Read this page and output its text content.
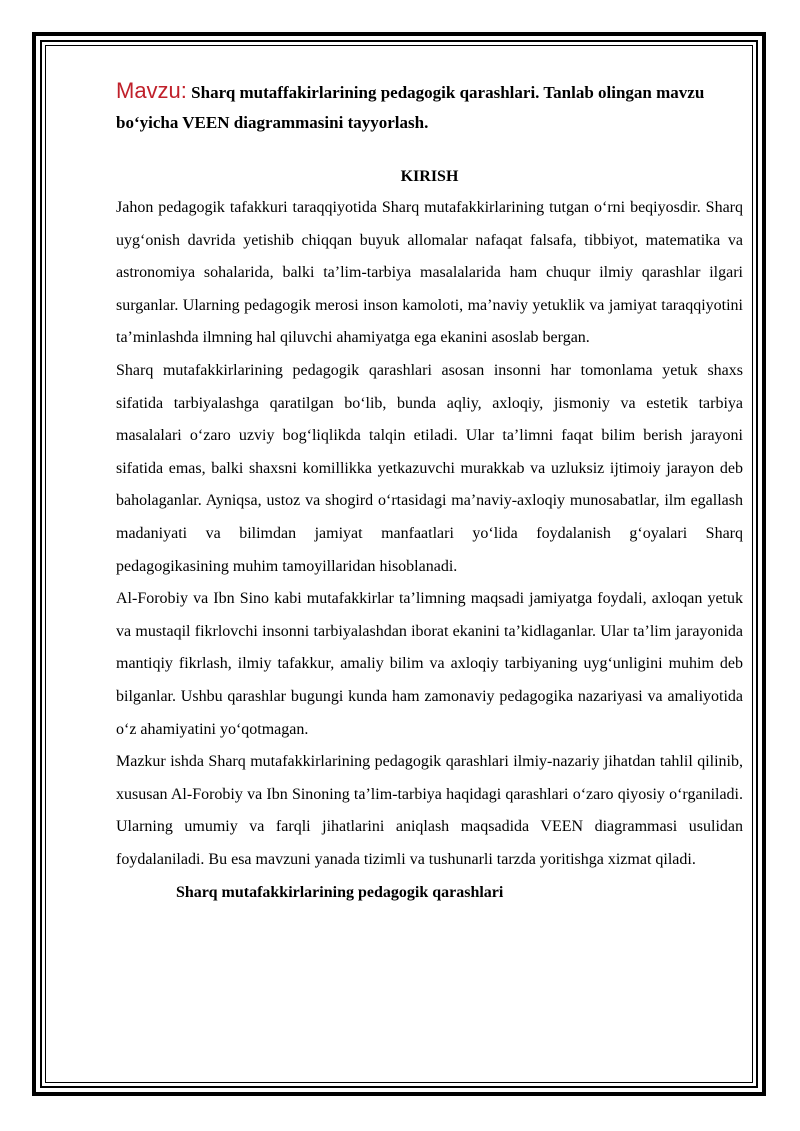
Mavzu: Sharq mutaffakirlarining pedagogik qarashlari. Tanlab olingan mavzu bo‘yicha VEEN diagrammasini tayyorlash.

KIRISH

Jahon pedagogik tafakkuri taraqqiyotida Sharq mutafakkirlarining tutgan o‘rni beqiyosdir. Sharq uyg‘onish davrida yetishib chiqqan buyuk allomalar nafaqat falsafa, tibbiyot, matematika va astronomiya sohalarida, balki ta’lim-tarbiya masalalarida ham chuqur ilmiy qarashlar ilgari surganlar. Ularning pedagogik merosi inson kamoloti, ma’naviy yetuklik va jamiyat taraqqiyotini ta’minlashda ilmning hal qiluvchi ahamiyatga ega ekanini asoslab bergan.

Sharq mutafakkirlarining pedagogik qarashlari asosan insonni har tomonlama yetuk shaxs sifatida tarbiyalashga qaratilgan bo‘lib, bunda aqliy, axloqiy, jismoniy va estetik tarbiya masalalari o‘zaro uzviy bog‘liqlikda talqin etiladi. Ular ta’limni faqat bilim berish jarayoni sifatida emas, balki shaxsni komillikka yetkazuvchi murakkab va uzluksiz ijtimoiy jarayon deb baholaganlar. Ayniqsa, ustoz va shogird o‘rtasidagi ma’naviy-axloqiy munosabatlar, ilm egallash madaniyati va bilimdan jamiyat manfaatlari yo‘lida foydalanish g‘oyalari Sharq pedagogikasining muhim tamoyillaridan hisoblanadi.

Al-Forobiy va Ibn Sino kabi mutafakkirlar ta’limning maqsadi jamiyatga foydali, axloqan yetuk va mustaqil fikrlovchi insonni tarbiyalashdan iborat ekanini ta’kidlaganlar. Ular ta’lim jarayonida mantiqiy fikrlash, ilmiy tafakkur, amaliy bilim va axloqiy tarbiyaning uyg‘unligini muhim deb bilganlar. Ushbu qarashlar bugungi kunda ham zamonaviy pedagogika nazariyasi va amaliyotida o‘z ahamiyatini yo‘qotmagan.

Mazkur ishda Sharq mutafakkirlarining pedagogik qarashlari ilmiy-nazariy jihatdan tahlil qilinib, xususan Al-Forobiy va Ibn Sinoning ta’lim-tarbiya haqidagi qarashlari o‘zaro qiyosiy o‘rganiladi. Ularning umumiy va farqli jihatlarini aniqlash maqsadida VEEN diagrammasi usulidan foydalaniladi. Bu esa mavzuni yanada tizimli va tushunarli tarzda yoritishga xizmat qiladi.

Sharq mutafakkirlarining pedagogik qarashlari
